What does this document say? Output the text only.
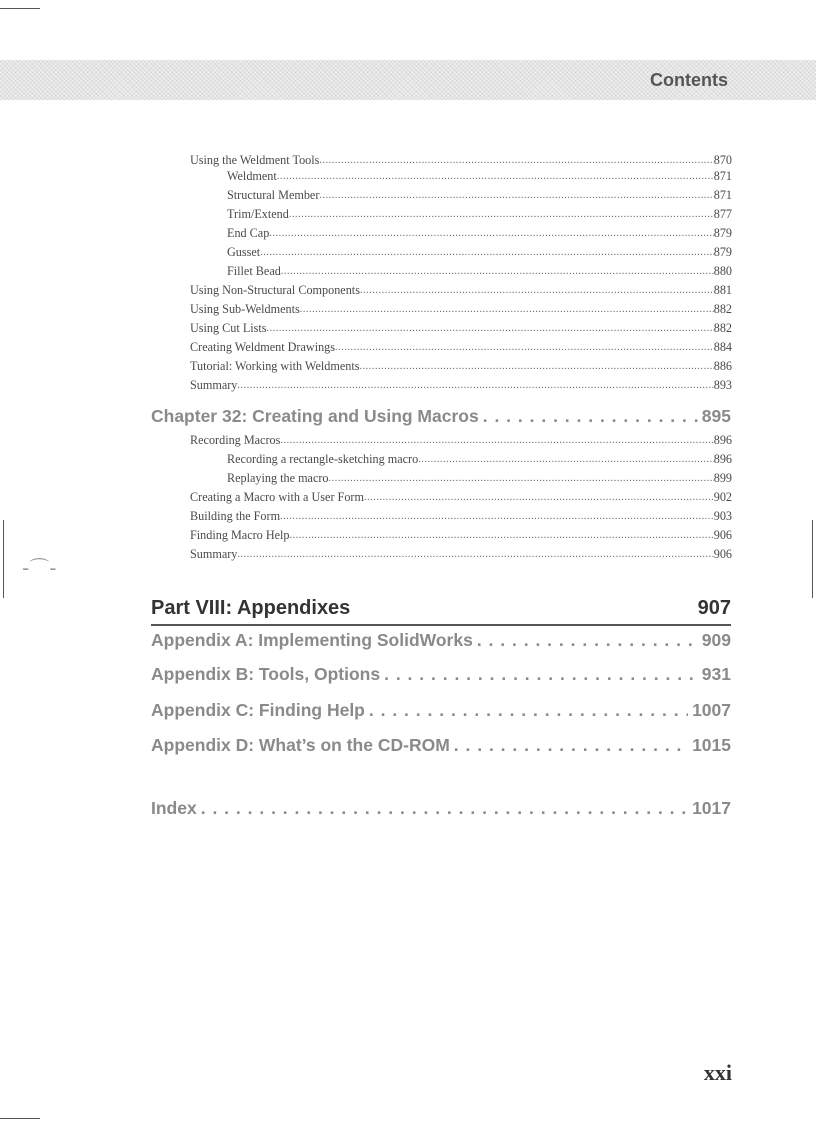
-⌒-
Contents
Using the Weldment Tools .....	870
Weldment .....	871
Structural Member .....	871
Trim/Extend .....	877
End Cap .....	879
Gusset .....	879
Fillet Bead .....	880
Using Non-Structural Components .....	881
Using Sub-Weldments .....	882
Using Cut Lists .....	882
Creating Weldment Drawings .....	884
Tutorial: Working with Weldments .....	886
Summary .....	893
Chapter 32: Creating and Using Macros . . .	895
Recording Macros .....	896
Recording a rectangle-sketching macro .....	896
Replaying the macro .....	899
Creating a Macro with a User Form .....	902
Building the Form .....	903
Finding Macro Help .....	906
Summary .....	906
Part VIII: Appendixes	907
Appendix A: Implementing SolidWorks . . .	909
Appendix B: Tools, Options . . .	931
Appendix C: Finding Help . . .	1007
Appendix D: What’s on the CD-ROM . . .	1015
Index . . .	1017
xxi
